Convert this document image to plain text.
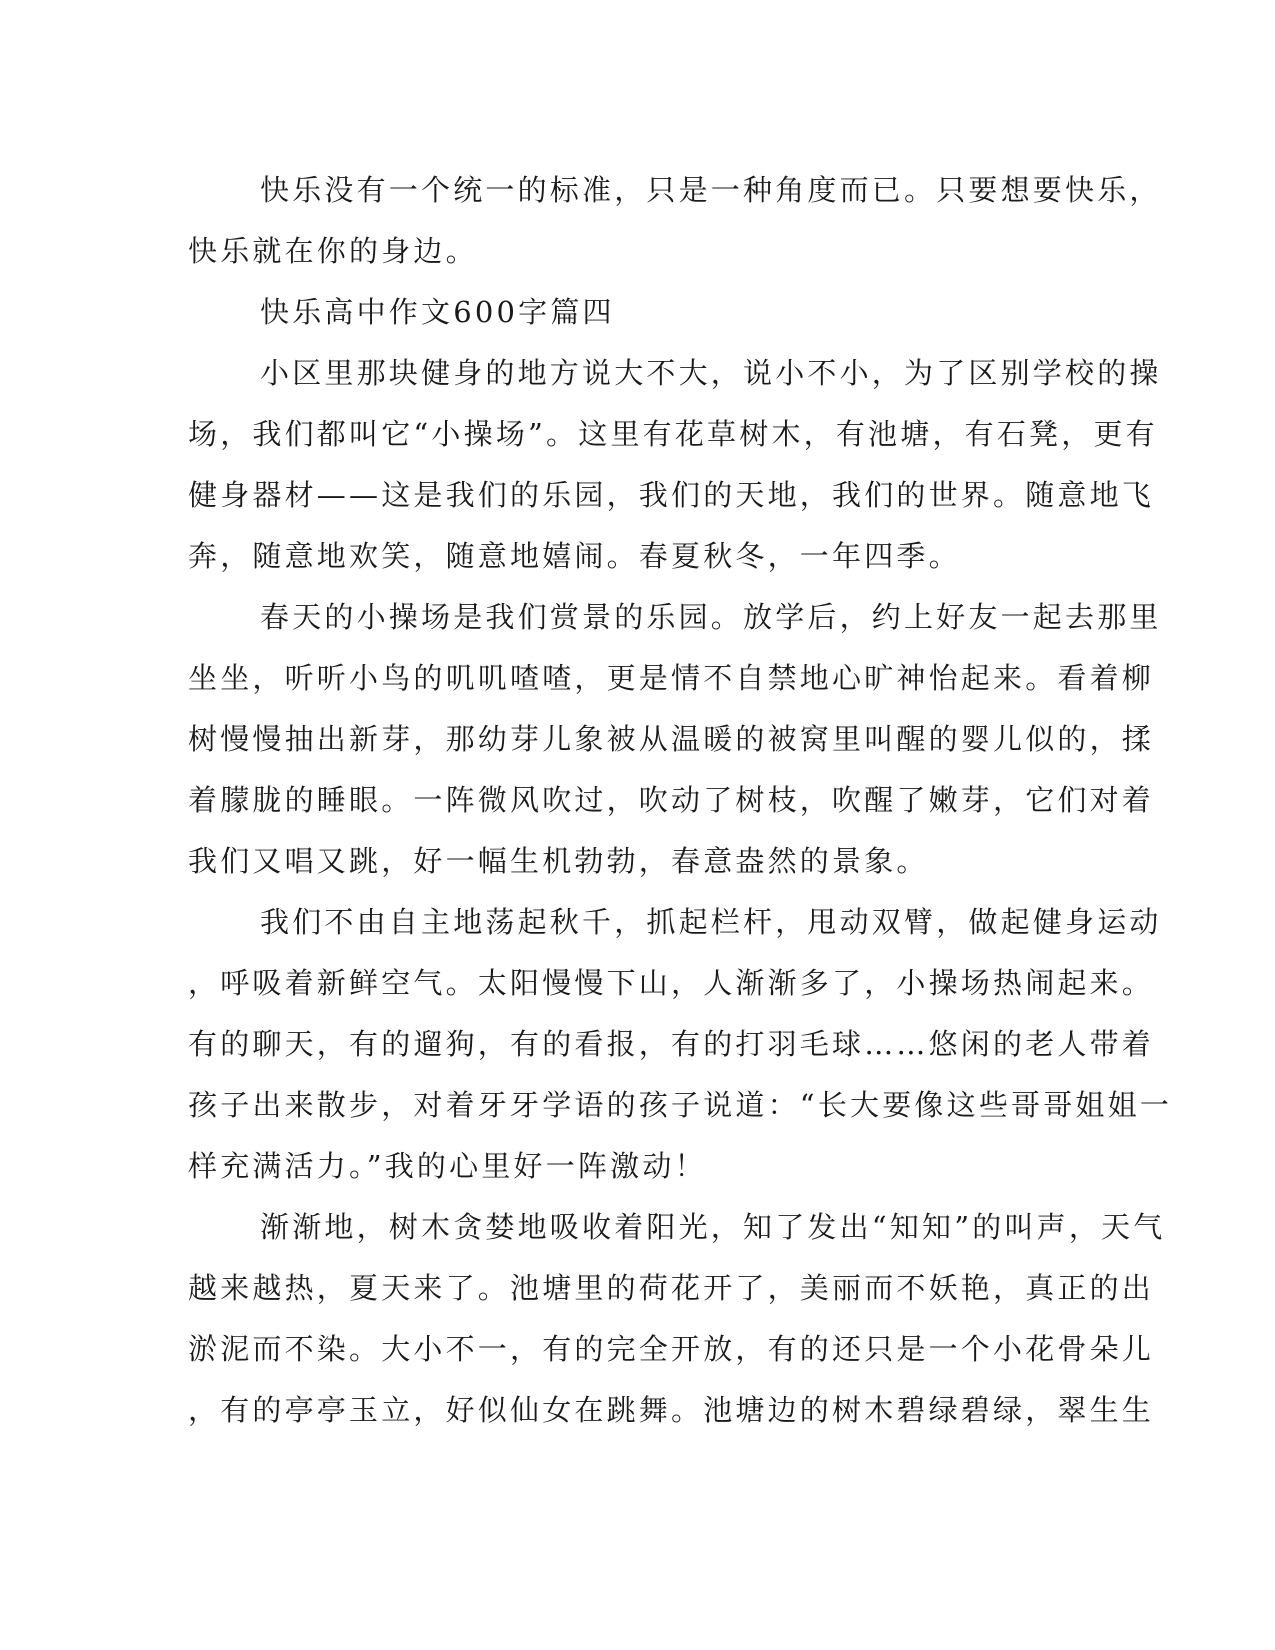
快乐没有一个统一的标准，只是一种角度而已。只要想要快乐，
快乐就在你的身边。
快乐高中作文600字篇四
小区里那块健身的地方说大不大，说小不小，为了区别学校的操
场，我们都叫它“小操场”。这里有花草树木，有池塘，有石凳，更有
健身器材——这是我们的乐园，我们的天地，我们的世界。随意地飞
奔，随意地欢笑，随意地嬉闹。春夏秋冬，一年四季。
春天的小操场是我们赏景的乐园。放学后，约上好友一起去那里
坐坐，听听小鸟的叽叽喳喳，更是情不自禁地心旷神怡起来。看着柳
树慢慢抽出新芽，那幼芽儿象被从温暖的被窝里叫醒的婴儿似的，揉
着朦胧的睡眼。一阵微风吹过，吹动了树枝，吹醒了嫩芽，它们对着
我们又唱又跳，好一幅生机勃勃，春意盎然的景象。
我们不由自主地荡起秋千，抓起栏杆，甩动双臂，做起健身运动
，呼吸着新鲜空气。太阳慢慢下山，人渐渐多了，小操场热闹起来。
有的聊天，有的遛狗，有的看报，有的打羽毛球……悠闲的老人带着
孩子出来散步，对着牙牙学语的孩子说道：“长大要像这些哥哥姐姐一
样充满活力。”我的心里好一阵激动！
渐渐地，树木贪婪地吸收着阳光，知了发出“知知”的叫声，天气
越来越热，夏天来了。池塘里的荷花开了，美丽而不妖艳，真正的出
淤泥而不染。大小不一，有的完全开放，有的还只是一个小花骨朵儿
，有的亭亭玉立，好似仙女在跳舞。池塘边的树木碧绿碧绿，翠生生
